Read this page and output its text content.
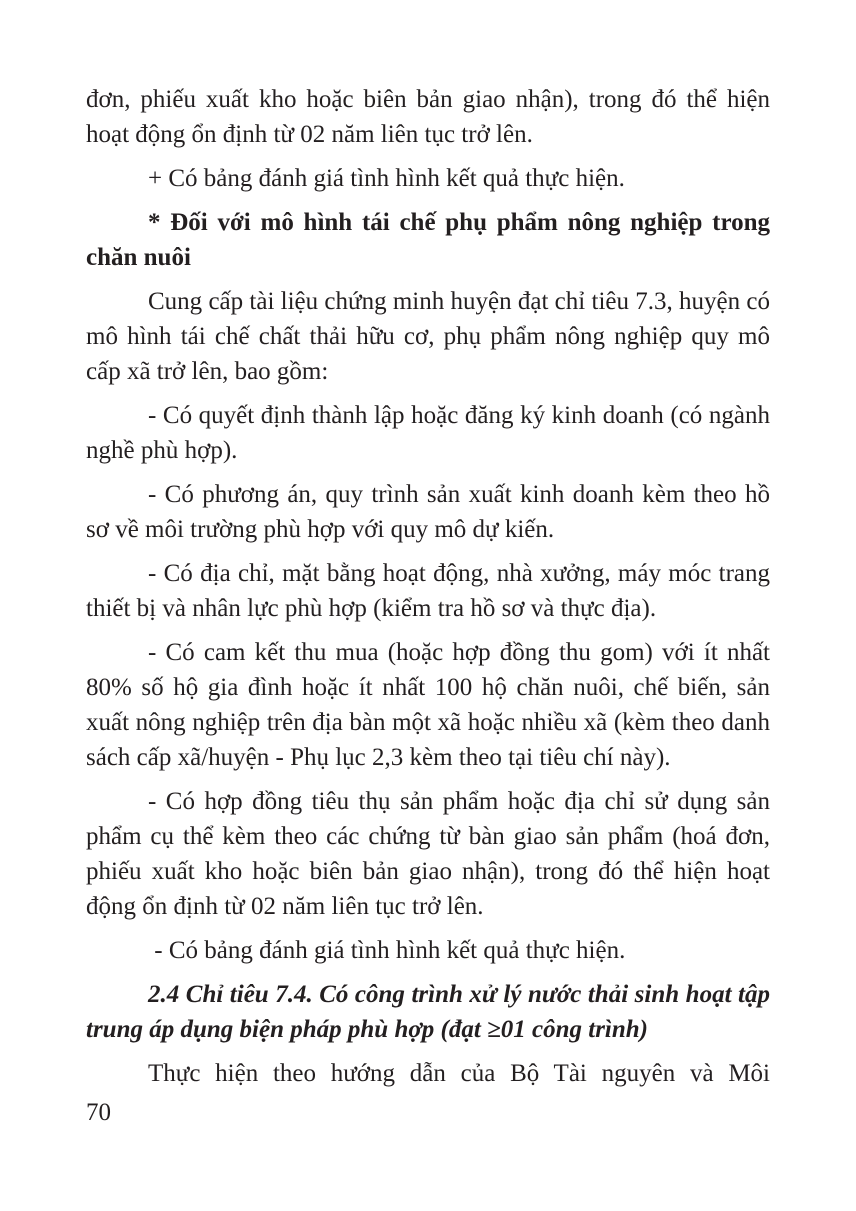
đơn, phiếu xuất kho hoặc biên bản giao nhận), trong đó thể hiện hoạt động ổn định từ 02 năm liên tục trở lên.

+ Có bảng đánh giá tình hình kết quả thực hiện.

* Đối với mô hình tái chế phụ phẩm nông nghiệp trong chăn nuôi

Cung cấp tài liệu chứng minh huyện đạt chỉ tiêu 7.3, huyện có mô hình tái chế chất thải hữu cơ, phụ phẩm nông nghiệp quy mô cấp xã trở lên, bao gồm:

- Có quyết định thành lập hoặc đăng ký kinh doanh (có ngành nghề phù hợp).

- Có phương án, quy trình sản xuất kinh doanh kèm theo hồ sơ về môi trường phù hợp với quy mô dự kiến.

- Có địa chỉ, mặt bằng hoạt động, nhà xưởng, máy móc trang thiết bị và nhân lực phù hợp (kiểm tra hồ sơ và thực địa).

- Có cam kết thu mua (hoặc hợp đồng thu gom) với ít nhất 80% số hộ gia đình hoặc ít nhất 100 hộ chăn nuôi, chế biến, sản xuất nông nghiệp trên địa bàn một xã hoặc nhiều xã (kèm theo danh sách cấp xã/huyện - Phụ lục 2,3 kèm theo tại tiêu chí này).

- Có hợp đồng tiêu thụ sản phẩm hoặc địa chỉ sử dụng sản phẩm cụ thể kèm theo các chứng từ bàn giao sản phẩm (hoá đơn, phiếu xuất kho hoặc biên bản giao nhận), trong đó thể hiện hoạt động ổn định từ 02 năm liên tục trở lên.

- Có bảng đánh giá tình hình kết quả thực hiện.

2.4 Chỉ tiêu 7.4. Có công trình xử lý nước thải sinh hoạt tập trung áp dụng biện pháp phù hợp (đạt ≥01 công trình)

Thực hiện theo hướng dẫn của Bộ Tài nguyên và Môi

70
